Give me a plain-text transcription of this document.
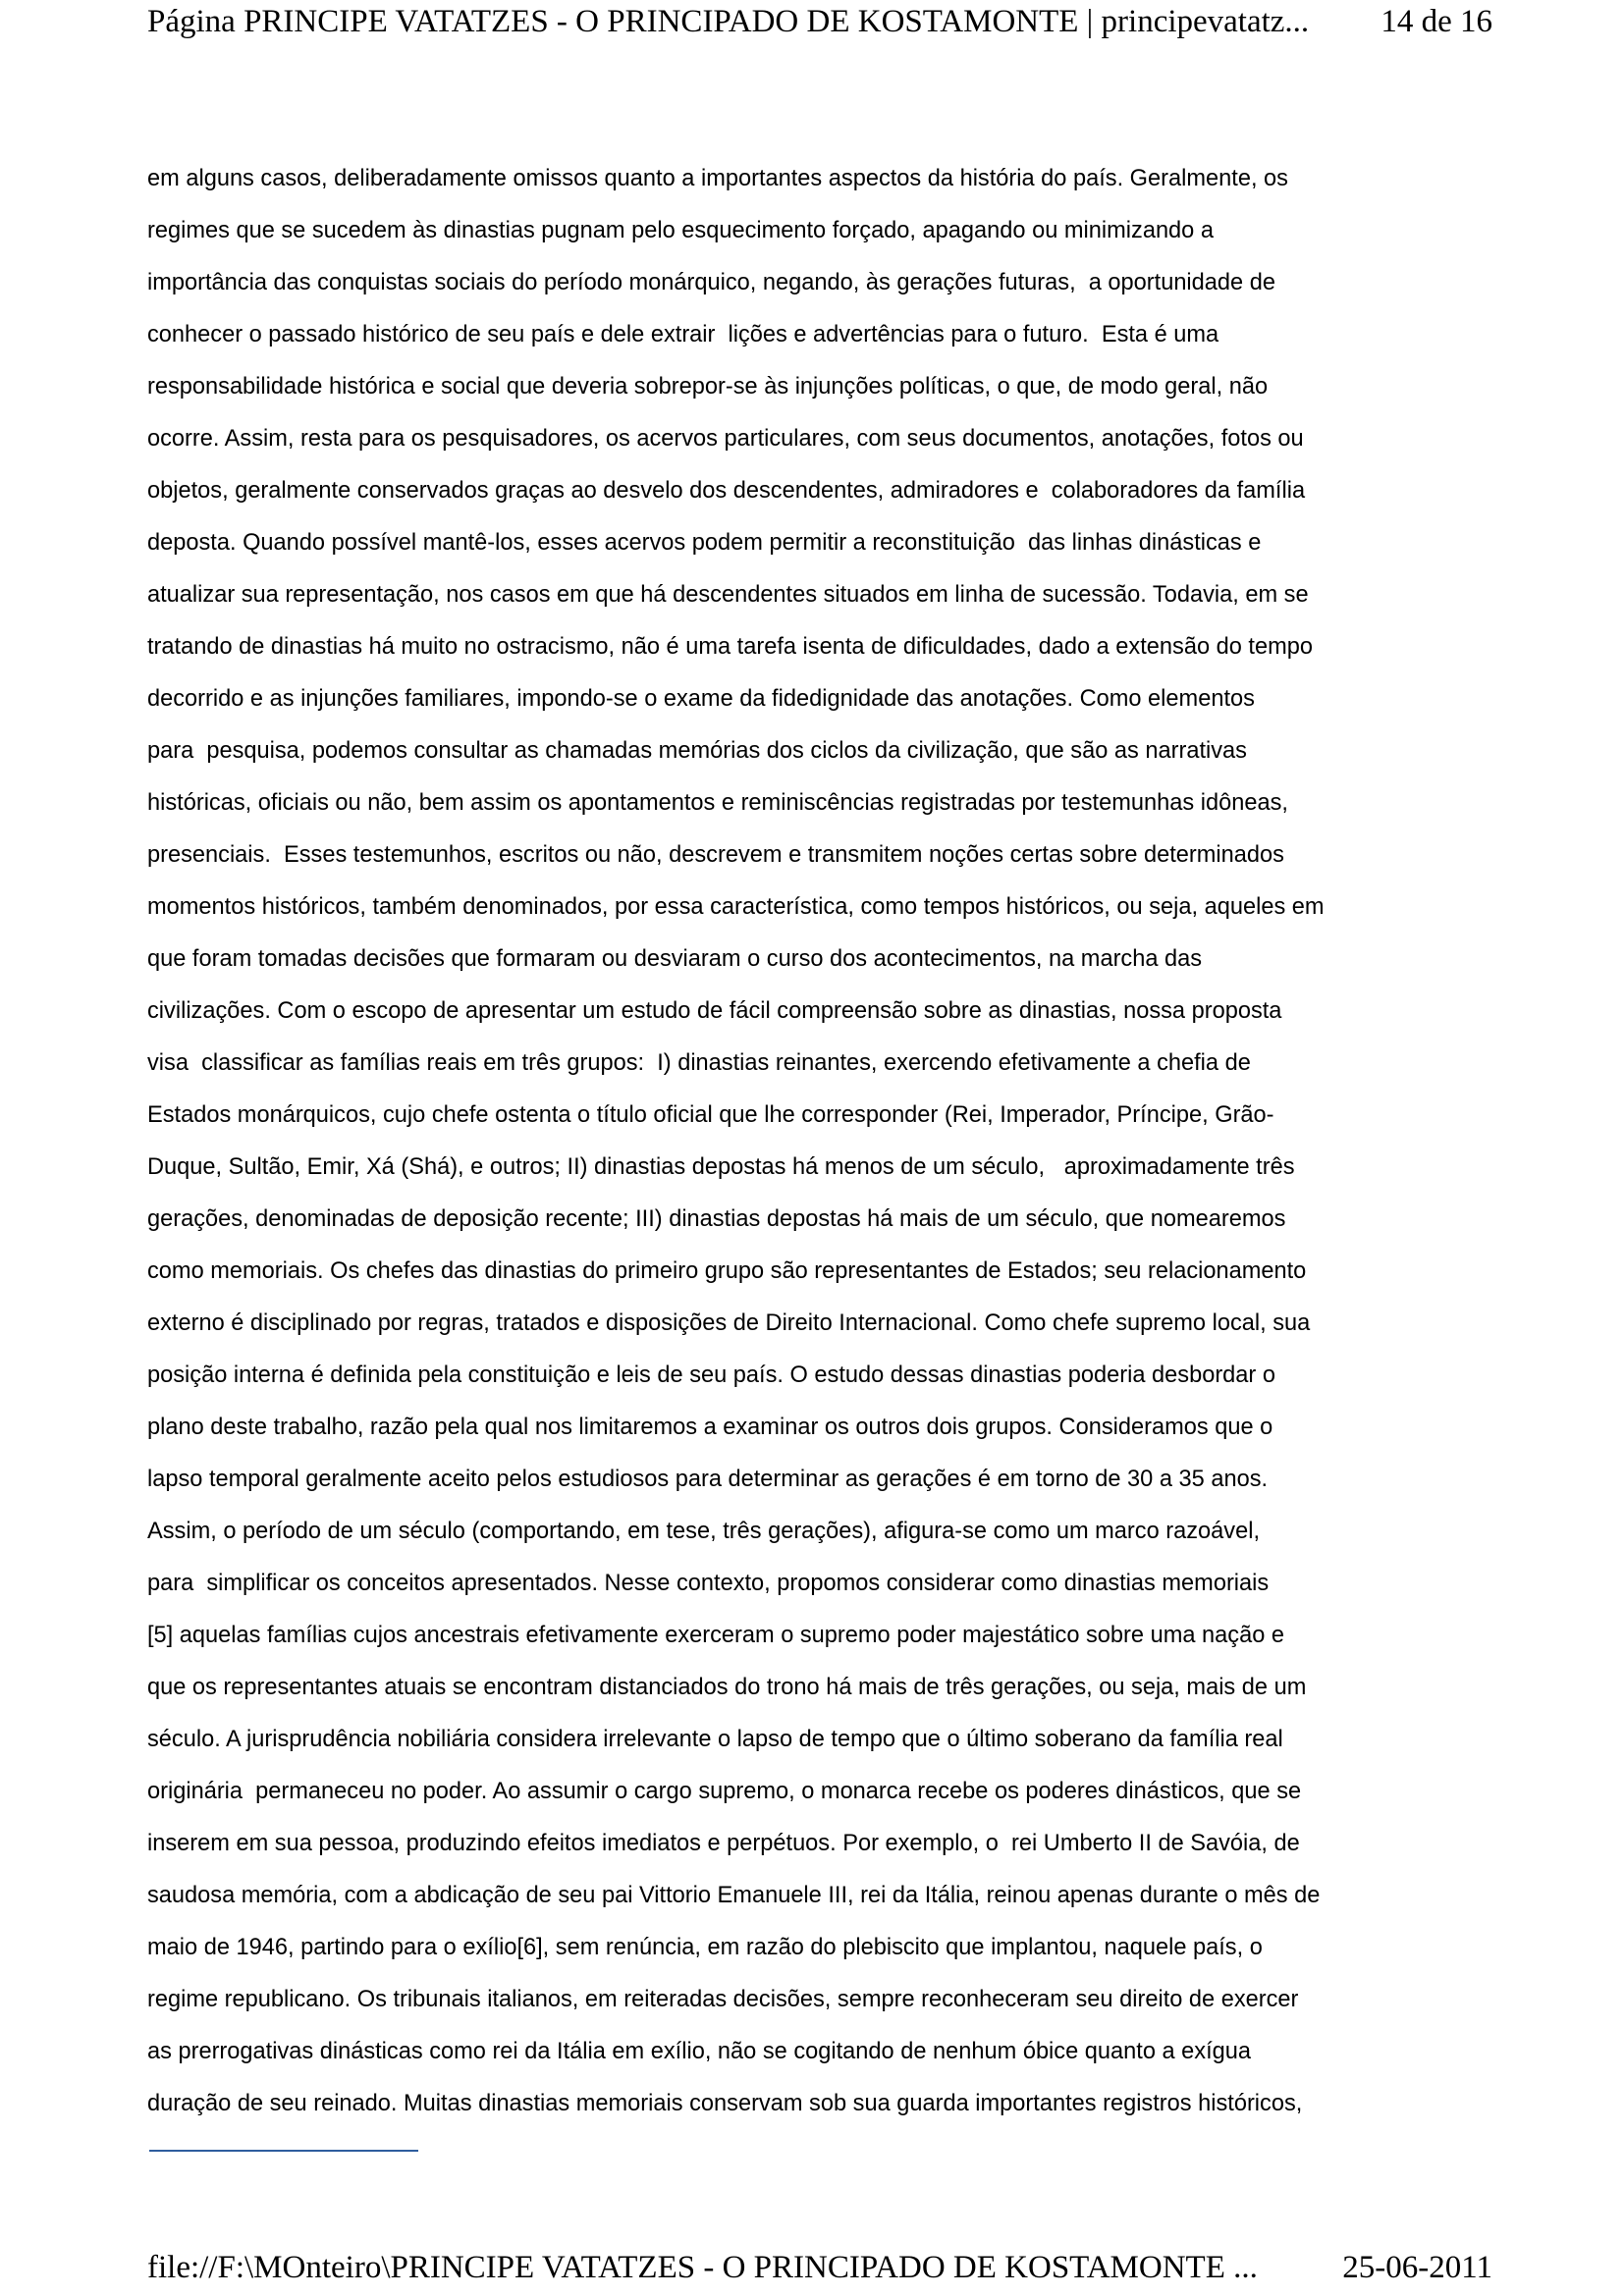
Página PRINCIPE VATATZES - O PRINCIPADO DE KOSTAMONTE | principevatatz... 14 de 16
em alguns casos, deliberadamente omissos quanto a importantes aspectos da história do país. Geralmente, os
regimes que se sucedem às dinastias pugnam pelo esquecimento forçado, apagando ou minimizando a
importância das conquistas sociais do período monárquico, negando, às gerações futuras,  a oportunidade de
conhecer o passado histórico de seu país e dele extrair  lições e advertências para o futuro.  Esta é uma
responsabilidade histórica e social que deveria sobrepor-se às injunções políticas, o que, de modo geral, não
ocorre. Assim, resta para os pesquisadores, os acervos particulares, com seus documentos, anotações, fotos ou
objetos, geralmente conservados graças ao desvelo dos descendentes, admiradores e  colaboradores da família
deposta. Quando possível mantê-los, esses acervos podem permitir a reconstituição  das linhas dinásticas e
atualizar sua representação, nos casos em que há descendentes situados em linha de sucessão. Todavia, em se
tratando de dinastias há muito no ostracismo, não é uma tarefa isenta de dificuldades, dado a extensão do tempo
decorrido e as injunções familiares, impondo-se o exame da fidedignidade das anotações. Como elementos
para  pesquisa, podemos consultar as chamadas memórias dos ciclos da civilização, que são as narrativas
históricas, oficiais ou não, bem assim os apontamentos e reminiscências registradas por testemunhas idôneas,
presenciais.  Esses testemunhos, escritos ou não, descrevem e transmitem noções certas sobre determinados
momentos históricos, também denominados, por essa característica, como tempos históricos, ou seja, aqueles em
que foram tomadas decisões que formaram ou desviaram o curso dos acontecimentos, na marcha das
civilizações. Com o escopo de apresentar um estudo de fácil compreensão sobre as dinastias, nossa proposta
visa  classificar as famílias reais em três grupos:  I) dinastias reinantes, exercendo efetivamente a chefia de
Estados monárquicos, cujo chefe ostenta o título oficial que lhe corresponder (Rei, Imperador, Príncipe, Grão-
Duque, Sultão, Emir, Xá (Shá), e outros; II) dinastias depostas há menos de um século,   aproximadamente três
gerações, denominadas de deposição recente; III) dinastias depostas há mais de um século, que nomearemos
como memoriais. Os chefes das dinastias do primeiro grupo são representantes de Estados; seu relacionamento
externo é disciplinado por regras, tratados e disposições de Direito Internacional. Como chefe supremo local, sua
posição interna é definida pela constituição e leis de seu país. O estudo dessas dinastias poderia desbordar o
plano deste trabalho, razão pela qual nos limitaremos a examinar os outros dois grupos. Consideramos que o
lapso temporal geralmente aceito pelos estudiosos para determinar as gerações é em torno de 30 a 35 anos.
Assim, o período de um século (comportando, em tese, três gerações), afigura-se como um marco razoável,
para  simplificar os conceitos apresentados. Nesse contexto, propomos considerar como dinastias memoriais
[5] aquelas famílias cujos ancestrais efetivamente exerceram o supremo poder majestático sobre uma nação e
que os representantes atuais se encontram distanciados do trono há mais de três gerações, ou seja, mais de um
século. A jurisprudência nobiliária considera irrelevante o lapso de tempo que o último soberano da família real
originária  permaneceu no poder. Ao assumir o cargo supremo, o monarca recebe os poderes dinásticos, que se
inserem em sua pessoa, produzindo efeitos imediatos e perpétuos. Por exemplo, o  rei Umberto II de Savóia, de
saudosa memória, com a abdicação de seu pai Vittorio Emanuele III, rei da Itália, reinou apenas durante o mês de
maio de 1946, partindo para o exílio[6], sem renúncia, em razão do plebiscito que implantou, naquele país, o
regime republicano. Os tribunais italianos, em reiteradas decisões, sempre reconheceram seu direito de exercer
as prerrogativas dinásticas como rei da Itália em exílio, não se cogitando de nenhum óbice quanto a exígua
duração de seu reinado. Muitas dinastias memoriais conservam sob sua guarda importantes registros históricos,
file://F:\MOnteiro\PRINCIPE VATATZES - O PRINCIPADO DE KOSTAMONTE ...	25-06-2011
